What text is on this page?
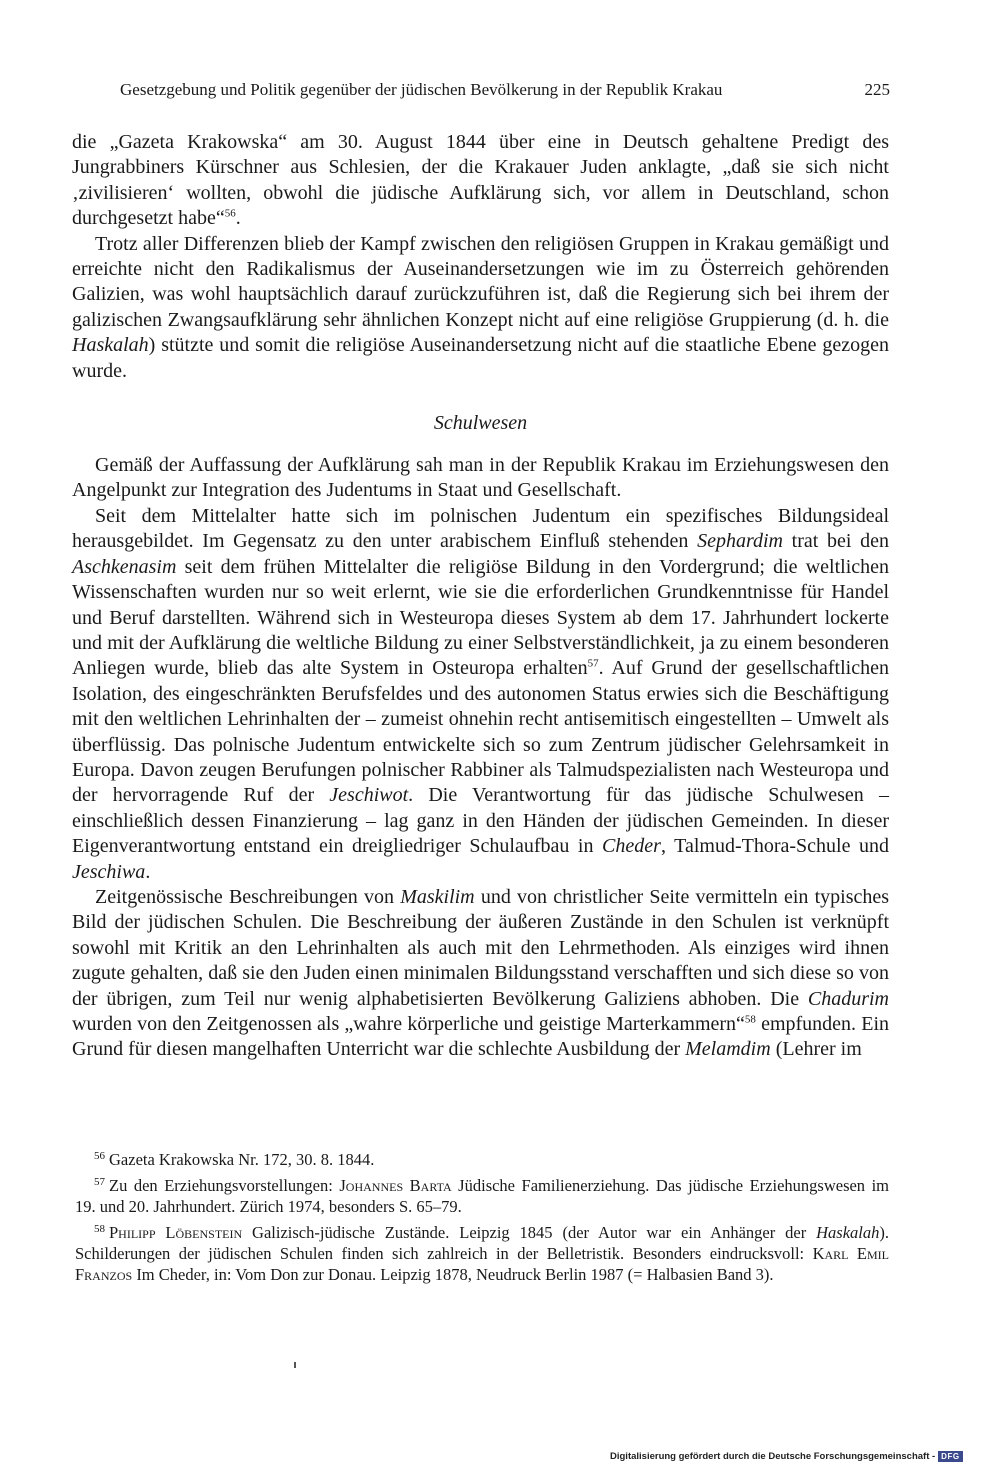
Gesetzgebung und Politik gegenüber der jüdischen Bevölkerung in der Republik Krakau	225

die „Gazeta Krakowska“ am 30. August 1844 über eine in Deutsch gehaltene Predigt des Jungrabbiners Kürschner aus Schlesien, der die Krakauer Juden anklagte, „daß sie sich nicht ‚zivilisieren‘ wollten, obwohl die jüdische Aufklärung sich, vor allem in Deutschland, schon durchgesetzt habe“$^{56}$.

Trotz aller Differenzen blieb der Kampf zwischen den religiösen Gruppen in Krakau gemäßigt und erreichte nicht den Radikalismus der Auseinandersetzungen wie im zu Österreich gehörenden Galizien, was wohl hauptsächlich darauf zurückzuführen ist, daß die Regierung sich bei ihrem der galizischen Zwangsaufklärung sehr ähnlichen Konzept nicht auf eine religiöse Gruppierung (d. h. die Haskalah) stützte und somit die religiöse Auseinandersetzung nicht auf die staatliche Ebene gezogen wurde.

Schulwesen

Gemäß der Auffassung der Aufklärung sah man in der Republik Krakau im Erziehungswesen den Angelpunkt zur Integration des Judentums in Staat und Gesellschaft.

Seit dem Mittelalter hatte sich im polnischen Judentum ein spezifisches Bildungsideal herausgebildet. Im Gegensatz zu den unter arabischem Einfluß stehenden Sephardim trat bei den Aschkenasim seit dem frühen Mittelalter die religiöse Bildung in den Vordergrund; die weltlichen Wissenschaften wurden nur so weit erlernt, wie sie die erforderlichen Grundkenntnisse für Handel und Beruf darstellten. Während sich in Westeuropa dieses System ab dem 17. Jahrhundert lockerte und mit der Aufklärung die weltliche Bildung zu einer Selbstverständlichkeit, ja zu einem besonderen Anliegen wurde, blieb das alte System in Osteuropa erhalten$^{57}$. Auf Grund der gesellschaftlichen Isolation, des eingeschränkten Berufsfeldes und des autonomen Status erwies sich die Beschäftigung mit den weltlichen Lehrinhalten der – zumeist ohnehin recht antisemitisch eingestellten – Umwelt als überflüssig. Das polnische Judentum entwickelte sich so zum Zentrum jüdischer Gelehrsamkeit in Europa. Davon zeugen Berufungen polnischer Rabbiner als Talmudspezialisten nach Westeuropa und der hervorragende Ruf der Jeschiwot. Die Verantwortung für das jüdische Schulwesen – einschließlich dessen Finanzierung – lag ganz in den Händen der jüdischen Gemeinden. In dieser Eigenverantwortung entstand ein dreigliedriger Schulaufbau in Cheder, Talmud-Thora-Schule und Jeschiwa.

Zeitgenössische Beschreibungen von Maskilim und von christlicher Seite vermitteln ein typisches Bild der jüdischen Schulen. Die Beschreibung der äußeren Zustände in den Schulen ist verknüpft sowohl mit Kritik an den Lehrinhalten als auch mit den Lehrmethoden. Als einziges wird ihnen zugute gehalten, daß sie den Juden einen minimalen Bildungsstand verschafften und sich diese so von der übrigen, zum Teil nur wenig alphabetisierten Bevölkerung Galiziens abhoben. Die Chadurim wurden von den Zeitgenossen als „wahre körperliche und geistige Marterkammern“$^{58}$ empfunden. Ein Grund für diesen mangelhaften Unterricht war die schlechte Ausbildung der Melamdim (Lehrer im

$^{56}$ Gazeta Krakowska Nr. 172, 30. 8. 1844.

$^{57}$ Zu den Erziehungsvorstellungen: Johannes Barta Jüdische Familienerziehung. Das jüdische Erziehungswesen im 19. und 20. Jahrhundert. Zürich 1974, besonders S. 65–79.

$^{58}$ Philipp Löbenstein Galizisch-jüdische Zustände. Leipzig 1845 (der Autor war ein Anhänger der Haskalah). Schilderungen der jüdischen Schulen finden sich zahlreich in der Belletristik. Besonders eindrucksvoll: Karl Emil Franzos Im Cheder, in: Vom Don zur Donau. Leipzig 1878, Neudruck Berlin 1987 (= Halbasien Band 3).

Digitalisierung gefördert durch die Deutsche Forschungsgemeinschaft - DFG
